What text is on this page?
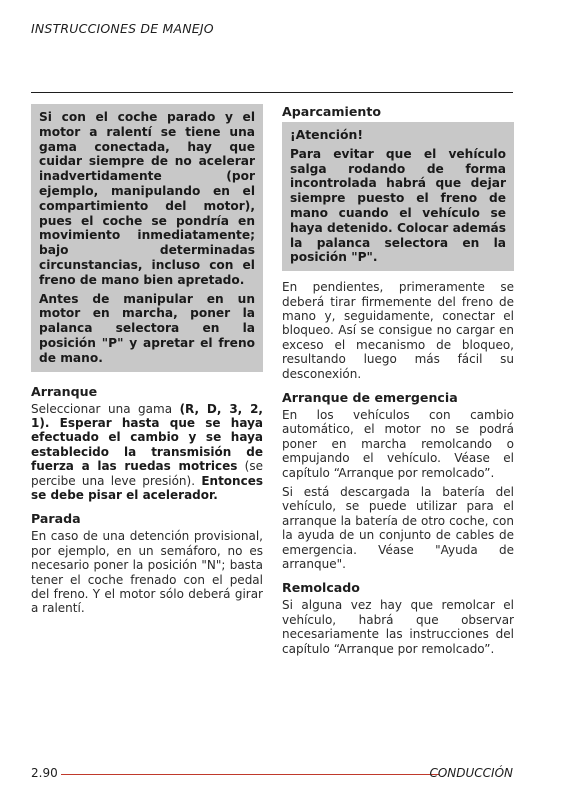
INSTRUCCIONES DE MANEJO

Si con el coche parado y el motor a ralentí se tiene una gama conectada, hay que cuidar siempre de no acelerar inadvertidamente (por ejemplo, manipulando en el compartimiento del motor), pues el coche se pondría en movimiento inmediatamente; bajo determinadas circunstancias, incluso con el freno de mano bien apretado.

Antes de manipular en un motor en marcha, poner la palanca selectora en la posición "P" y apretar el freno de mano.

Arranque

Seleccionar una gama (R, D, 3, 2, 1). Esperar hasta que se haya efectuado el cambio y se haya establecido la transmisión de fuerza a las ruedas motrices (se percibe una leve presión). Entonces se debe pisar el acelerador.

Parada

En caso de una detención provisional, por ejemplo, en un semáforo, no es necesario poner la posición "N"; basta tener el coche frenado con el pedal del freno. Y el motor sólo deberá girar a ralentí.

Aparcamiento

¡Atención!

Para evitar que el vehículo salga rodando de forma incontrolada habrá que dejar siempre puesto el freno de mano cuando el vehículo se haya detenido. Colocar además la palanca selectora en la posición "P".

En pendientes, primeramente se deberá tirar firmemente del freno de mano y, seguidamente, conectar el bloqueo. Así se consigue no cargar en exceso el mecanismo de bloqueo, resultando luego más fácil su desconexión.

Arranque de emergencia

En los vehículos con cambio automático, el motor no se podrá poner en marcha remolcando o empujando el vehículo. Véase el capítulo “Arranque por remolcado”.

Si está descargada la batería del vehículo, se puede utilizar para el arranque la batería de otro coche, con la ayuda de un conjunto de cables de emergencia. Véase "Ayuda de arranque".

Remolcado

Si alguna vez hay que remolcar el vehículo, habrá que observar necesariamente las instrucciones del capítulo “Arranque por remolcado”.

2.90	CONDUCCIÓN
